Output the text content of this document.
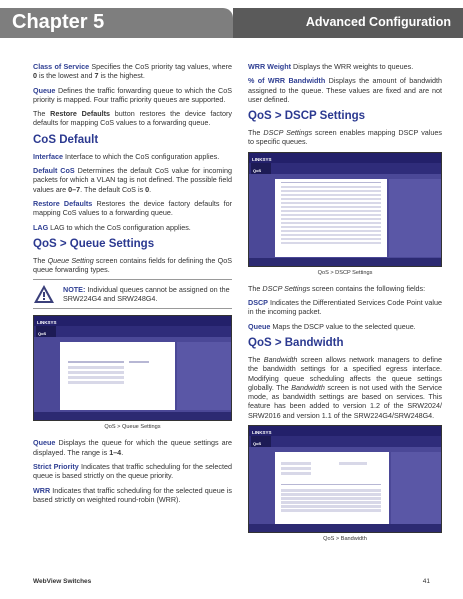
Chapter 5	Advanced Configuration

Class of Service Specifies the CoS priority tag values, where 0 is the lowest and 7 is the highest.

Queue Defines the traffic forwarding queue to which the CoS priority is mapped. Four traffic priority queues are supported.

The Restore Defaults button restores the device factory defaults for mapping CoS values to a forwarding queue.

CoS Default

Interface Interface to which the CoS configuration applies.

Default CoS Determines the default CoS value for incoming packets for which a VLAN tag is not defined. The possible field values are 0–7. The default CoS is 0.

Restore Defaults Restores the device factory defaults for mapping CoS values to a forwarding queue.

LAG LAG to which the CoS configuration applies.

QoS > Queue Settings

The Queue Setting screen contains fields for defining the QoS queue forwarding types.

NOTE: Individual queues cannot be assigned on the SRW224G4 and SRW248G4.
LINKSYS
QoS
QoS > Queue Settings

Queue Displays the queue for which the queue settings are displayed. The range is 1–4.

Strict Priority Indicates that traffic scheduling for the selected queue is based strictly on the queue priority.

WRR Indicates that traffic scheduling for the selected queue is based strictly on weighted round-robin (WRR).

WRR Weight Displays the WRR weights to queues.

% of WRR Bandwidth Displays the amount of bandwidth assigned to the queue. These values are fixed and are not user defined.

QoS > DSCP Settings

The DSCP Settings screen enables mapping DSCP values to specific queues.

LINKSYS
QoS
QoS > DSCP Settings

The DSCP Settings screen contains the following fields:

DSCP Indicates the Differentiated Services Code Point value in the incoming packet.

Queue Maps the DSCP value to the selected queue.

QoS > Bandwidth

The Bandwidth screen allows network managers to define the bandwidth settings for a specified egress interface. Modifying queue scheduling affects the queue settings globally. The Bandwidth screen is not used with the Service mode, as bandwidth settings are based on services. This feature has been added to version 1.2 of the SRW2024/ SRW2016 and version 1.1 of the SRW224G4/SRW248G4.

LINKSYS
QoS
QoS > Bandwidth
WebView Switches	41
